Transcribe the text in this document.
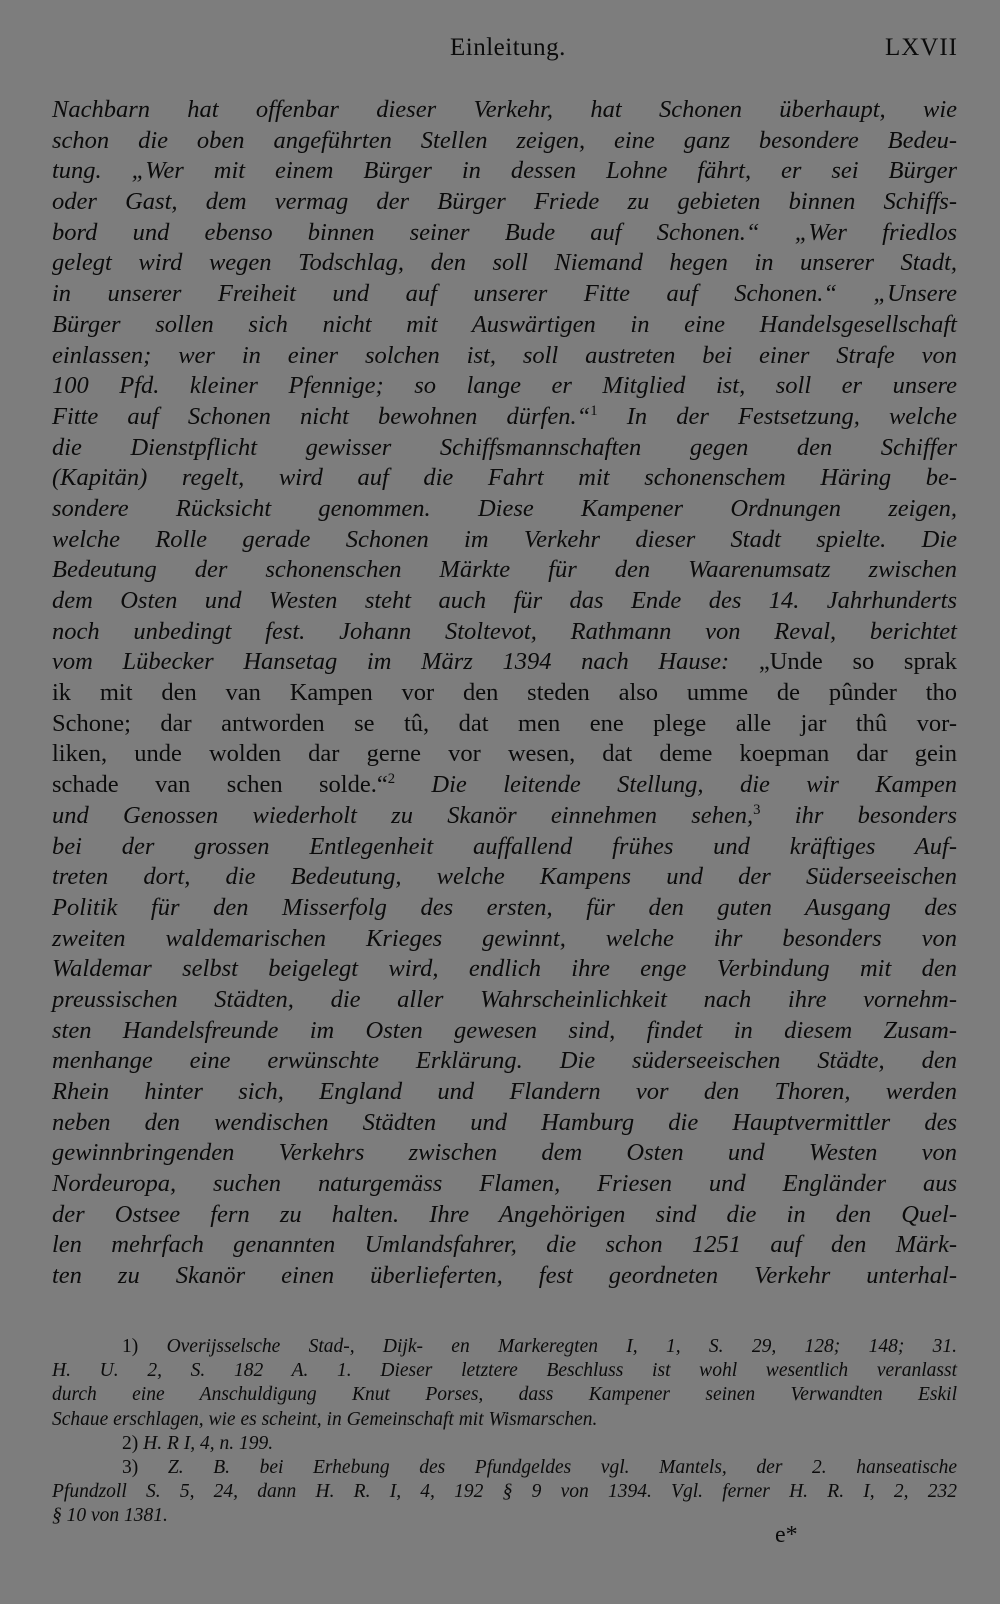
Einleitung.	LXVII
Nachbarn hat offenbar dieser Verkehr, hat Schonen überhaupt, wie
schon die oben angeführten Stellen zeigen, eine ganz besondere Bedeu-
tung. „Wer mit einem Bürger in dessen Lohne fährt, er sei Bürger
oder Gast, dem vermag der Bürger Friede zu gebieten binnen Schiffs-
bord und ebenso binnen seiner Bude auf Schonen.“ „Wer friedlos
gelegt wird wegen Todschlag, den soll Niemand hegen in unserer Stadt,
in unserer Freiheit und auf unserer Fitte auf Schonen.“ „Unsere
Bürger sollen sich nicht mit Auswärtigen in eine Handelsgesellschaft
einlassen; wer in einer solchen ist, soll austreten bei einer Strafe von
100 Pfd. kleiner Pfennige; so lange er Mitglied ist, soll er unsere
Fitte auf Schonen nicht bewohnen dürfen.“$^1$ In der Festsetzung, welche
die Dienstpflicht gewisser Schiffsmannschaften gegen den Schiffer
(Kapitän) regelt, wird auf die Fahrt mit schonenschem Häring be-
sondere Rücksicht genommen. Diese Kampener Ordnungen zeigen,
welche Rolle gerade Schonen im Verkehr dieser Stadt spielte. Die
Bedeutung der schonenschen Märkte für den Waarenumsatz zwischen
dem Osten und Westen steht auch für das Ende des 14. Jahrhunderts
noch unbedingt fest. Johann Stoltevot, Rathmann von Reval, berichtet
vom Lübecker Hansetag im März 1394 nach Hause: „Unde so sprak
ik mit den van Kampen vor den steden also umme de pûnder tho
Schone; dar antworden se tû, dat men ene plege alle jar thû vor-
liken, unde wolden dar gerne vor wesen, dat deme koepman dar gein
schade van schen solde.“$^2$ Die leitende Stellung, die wir Kampen
und Genossen wiederholt zu Skanör einnehmen sehen,$^3$ ihr besonders
bei der grossen Entlegenheit auffallend frühes und kräftiges Auf-
treten dort, die Bedeutung, welche Kampens und der Süderseeischen
Politik für den Misserfolg des ersten, für den guten Ausgang des
zweiten waldemarischen Krieges gewinnt, welche ihr besonders von
Waldemar selbst beigelegt wird, endlich ihre enge Verbindung mit den
preussischen Städten, die aller Wahrscheinlichkeit nach ihre vornehm-
sten Handelsfreunde im Osten gewesen sind, findet in diesem Zusam-
menhange eine erwünschte Erklärung. Die süderseeischen Städte, den
Rhein hinter sich, England und Flandern vor den Thoren, werden
neben den wendischen Städten und Hamburg die Hauptvermittler des
gewinnbringenden Verkehrs zwischen dem Osten und Westen von
Nordeuropa, suchen naturgemäss Flamen, Friesen und Engländer aus
der Ostsee fern zu halten. Ihre Angehörigen sind die in den Quel-
len mehrfach genannten Umlandsfahrer, die schon 1251 auf den Märk-
ten zu Skanör einen überlieferten, fest geordneten Verkehr unterhal-
1) Overijsselsche Stad-, Dijk- en Markeregten I, 1, S. 29, 128; 148; 31.
H. U. 2, S. 182 A. 1. Dieser letztere Beschluss ist wohl wesentlich veranlasst
durch eine Anschuldigung Knut Porses, dass Kampener seinen Verwandten Eskil
Schaue erschlagen, wie es scheint, in Gemeinschaft mit Wismarschen.
2) H. R I, 4, n. 199.
3) Z. B. bei Erhebung des Pfundgeldes vgl. Mantels, der 2. hanseatische
Pfundzoll S. 5, 24, dann H. R. I, 4, 192 § 9 von 1394. Vgl. ferner H. R. I, 2, 232
§ 10 von 1381.
e*
